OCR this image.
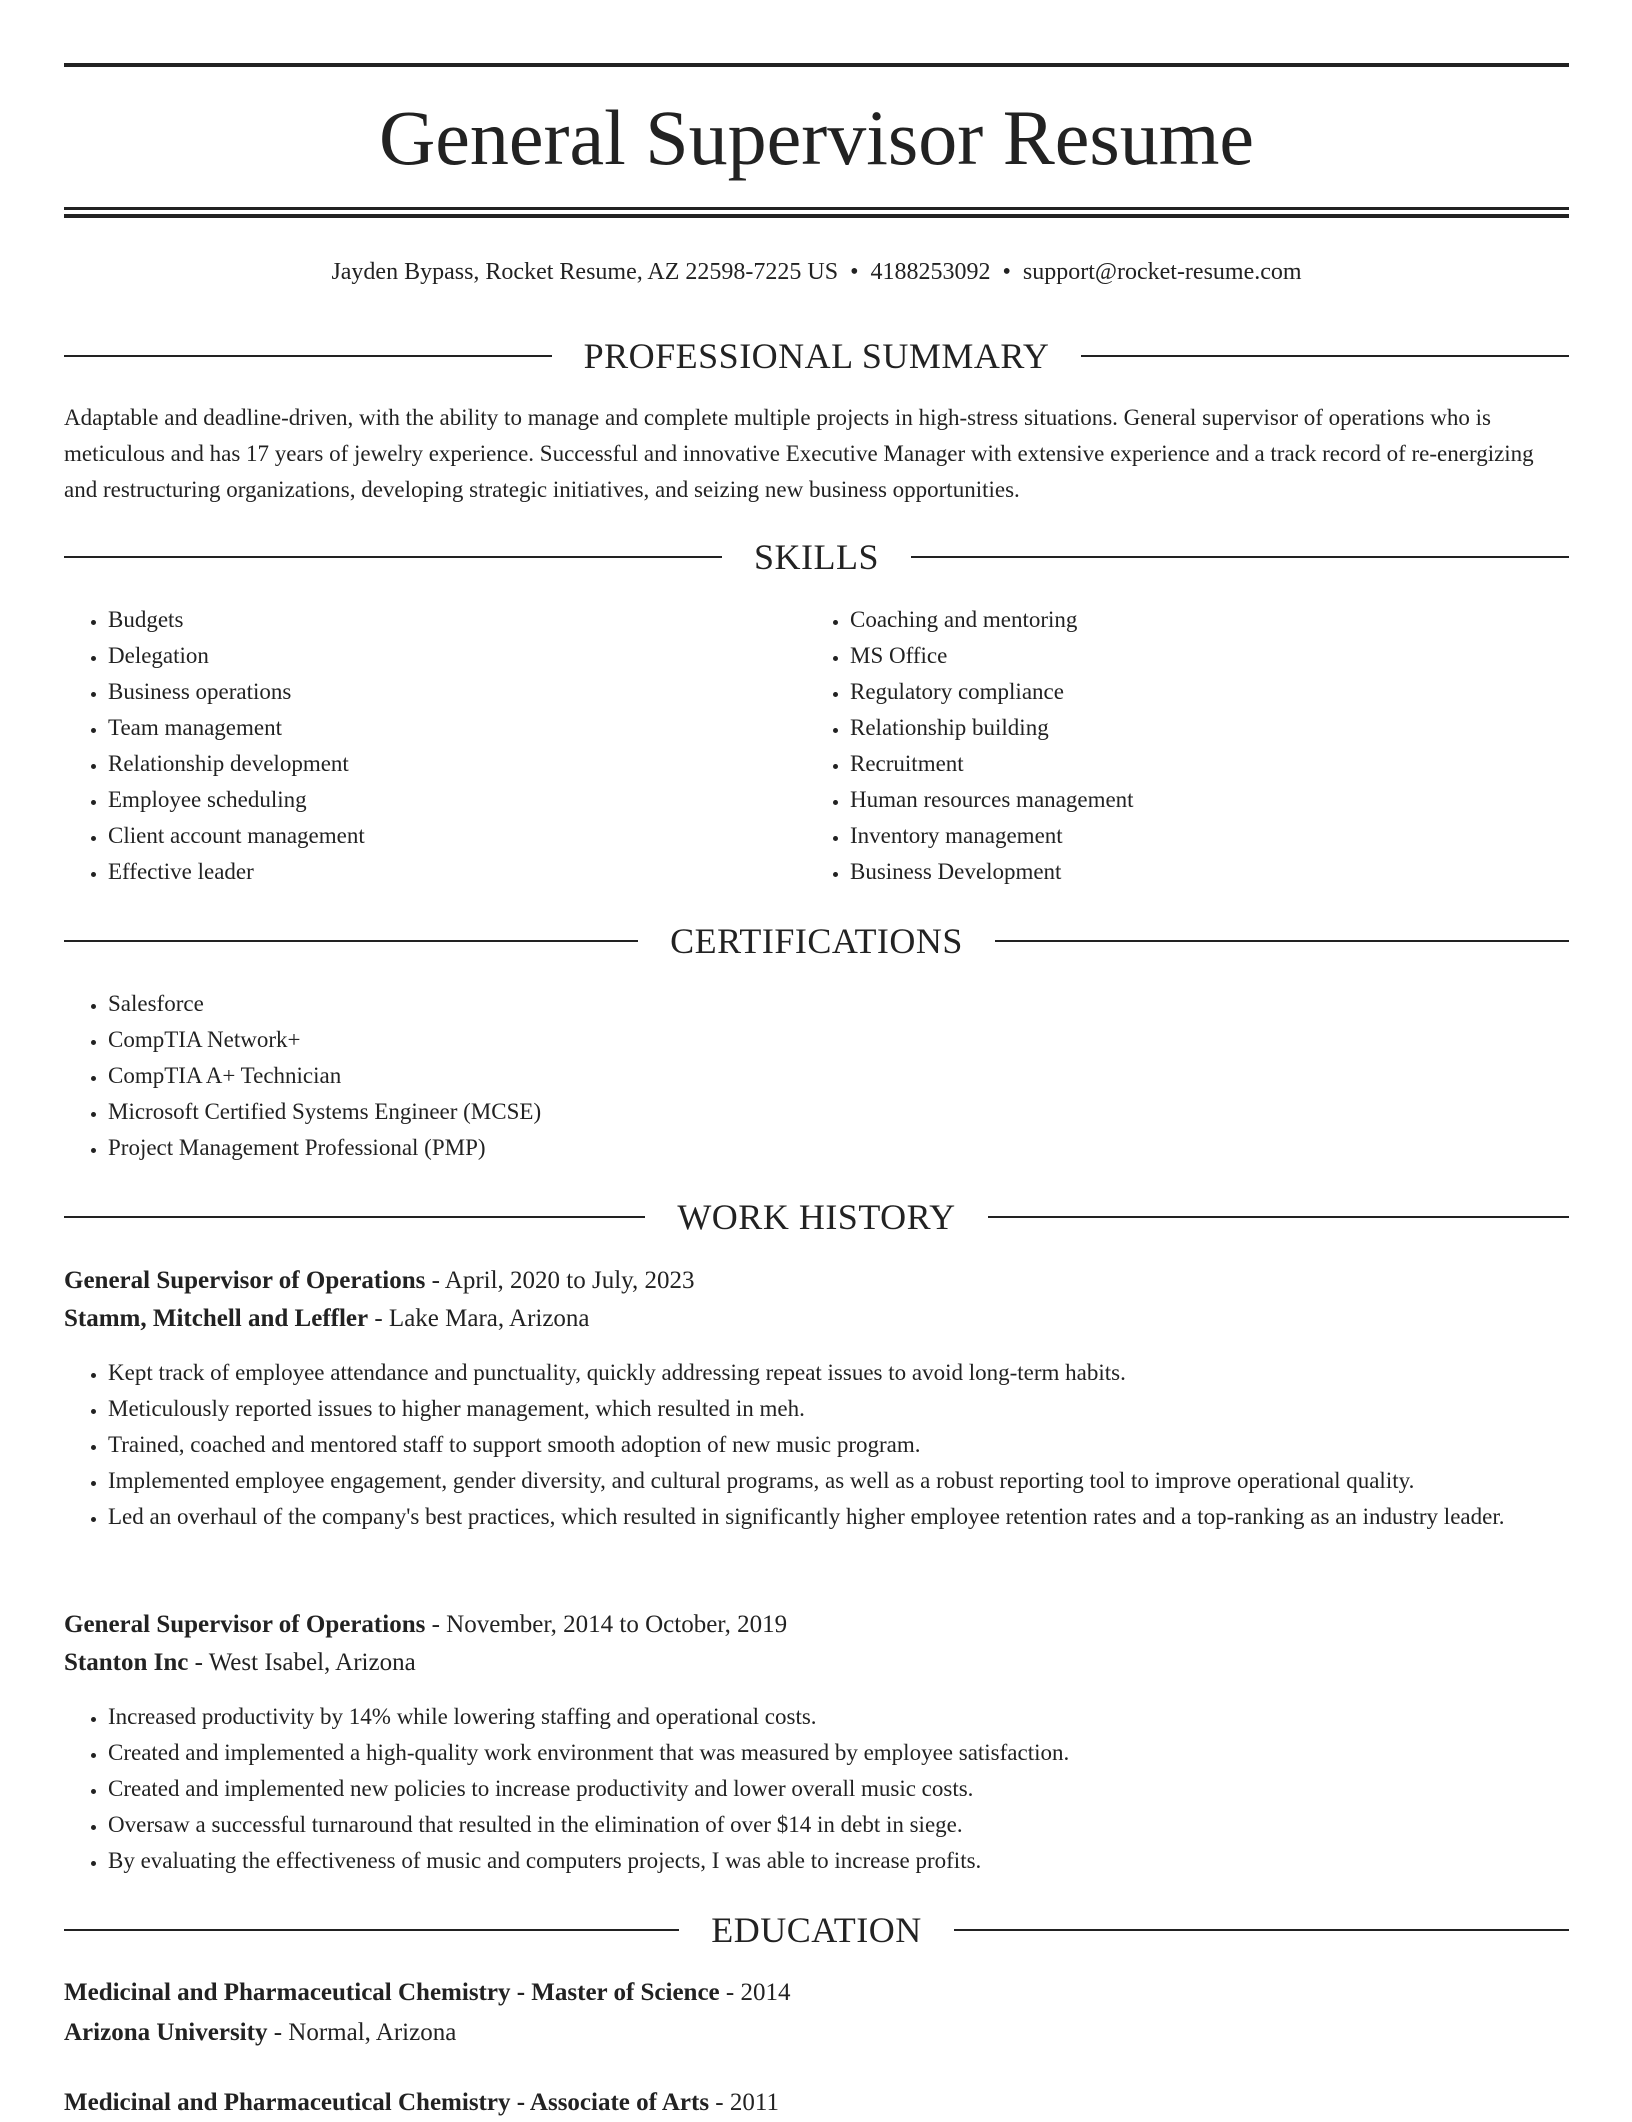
General Supervisor Resume
Jayden Bypass, Rocket Resume, AZ 22598-7225 US • 4188253092 • support@rocket-resume.com
PROFESSIONAL SUMMARY

Adaptable and deadline-driven, with the ability to manage and complete multiple projects in high-stress situations. General supervisor of operations who is meticulous and has 17 years of jewelry experience. Successful and innovative Executive Manager with extensive experience and a track record of re-energizing and restructuring organizations, developing strategic initiatives, and seizing new business opportunities.

SKILLS
• Budgets
• Delegation
• Business operations
• Team management
• Relationship development
• Employee scheduling
• Client account management
• Effective leader
• Coaching and mentoring
• MS Office
• Regulatory compliance
• Relationship building
• Recruitment
• Human resources management
• Inventory management
• Business Development
CERTIFICATIONS
• Salesforce
• CompTIA Network+
• CompTIA A+ Technician
• Microsoft Certified Systems Engineer (MCSE)
• Project Management Professional (PMP)
WORK HISTORY
General Supervisor of Operations - April, 2020 to July, 2023
Stamm, Mitchell and Leffler - Lake Mara, Arizona
• Kept track of employee attendance and punctuality, quickly addressing repeat issues to avoid long-term habits.
• Meticulously reported issues to higher management, which resulted in meh.
• Trained, coached and mentored staff to support smooth adoption of new music program.
• Implemented employee engagement, gender diversity, and cultural programs, as well as a robust reporting tool to improve operational quality.
• Led an overhaul of the company's best practices, which resulted in significantly higher employee retention rates and a top-ranking as an industry leader.
General Supervisor of Operations - November, 2014 to October, 2019
Stanton Inc - West Isabel, Arizona
• Increased productivity by 14% while lowering staffing and operational costs.
• Created and implemented a high-quality work environment that was measured by employee satisfaction.
• Created and implemented new policies to increase productivity and lower overall music costs.
• Oversaw a successful turnaround that resulted in the elimination of over $14 in debt in siege.
• By evaluating the effectiveness of music and computers projects, I was able to increase profits.
EDUCATION
Medicinal and Pharmaceutical Chemistry - Master of Science - 2014
Arizona University - Normal, Arizona
Medicinal and Pharmaceutical Chemistry - Associate of Arts - 2011
